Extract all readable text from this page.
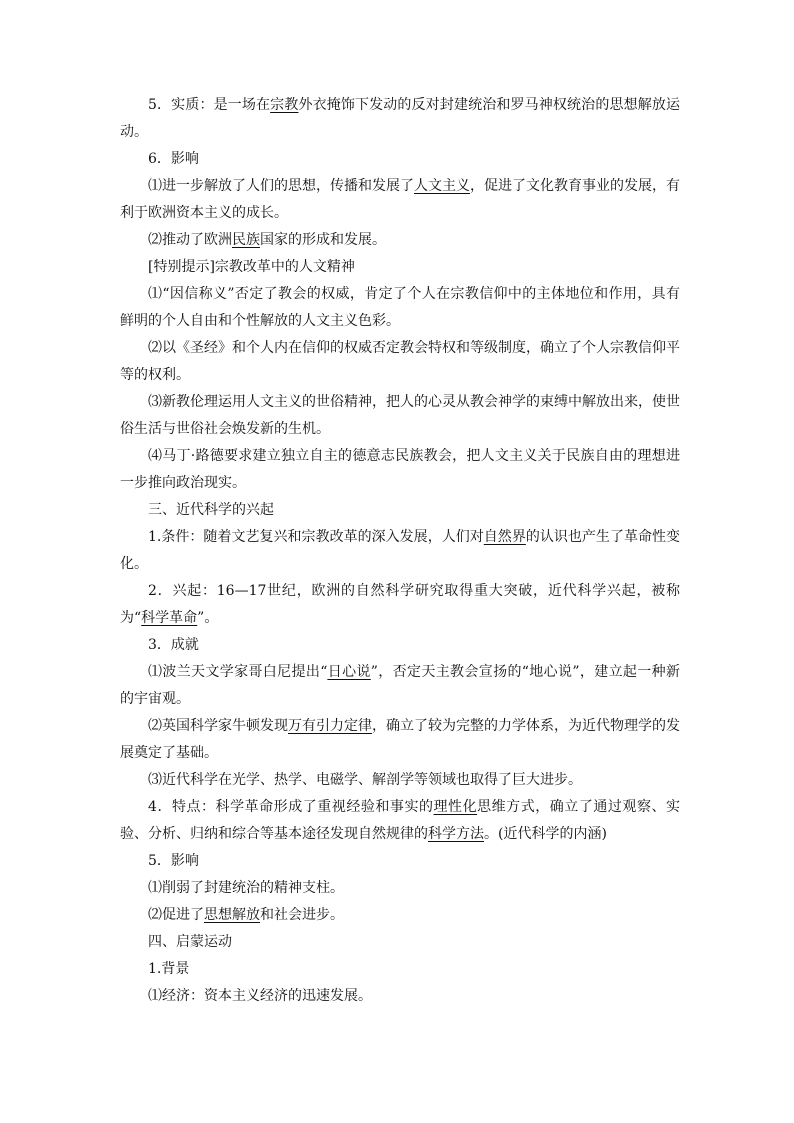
5．实质：是一场在宗教外衣掩饰下发动的反对封建统治和罗马神权统治的思想解放运动。

6．影响

⑴进一步解放了人们的思想，传播和发展了人文主义，促进了文化教育事业的发展，有利于欧洲资本主义的成长。

⑵推动了欧洲民族国家的形成和发展。

[特别提示]宗教改革中的人文精神

⑴“因信称义”否定了教会的权威，肯定了个人在宗教信仰中的主体地位和作用，具有鲜明的个人自由和个性解放的人文主义色彩。

⑵以《圣经》和个人内在信仰的权威否定教会特权和等级制度，确立了个人宗教信仰平等的权利。

⑶新教伦理运用人文主义的世俗精神，把人的心灵从教会神学的束缚中解放出来，使世俗生活与世俗社会焕发新的生机。

⑷马丁·路德要求建立独立自主的德意志民族教会，把人文主义关于民族自由的理想进一步推向政治现实。

三、近代科学的兴起

1.条件：随着文艺复兴和宗教改革的深入发展，人们对自然界的认识也产生了革命性变化。

2．兴起：16—17世纪，欧洲的自然科学研究取得重大突破，近代科学兴起，被称为“科学革命”。

3．成就

⑴波兰天文学家哥白尼提出“日心说”，否定天主教会宣扬的“地心说”，建立起一种新的宇宙观。

⑵英国科学家牛顿发现万有引力定律，确立了较为完整的力学体系，为近代物理学的发展奠定了基础。

⑶近代科学在光学、热学、电磁学、解剖学等领域也取得了巨大进步。

4．特点：科学革命形成了重视经验和事实的理性化思维方式，确立了通过观察、实验、分析、归纳和综合等基本途径发现自然规律的科学方法。(近代科学的内涵)

5．影响

⑴削弱了封建统治的精神支柱。

⑵促进了思想解放和社会进步。

四、启蒙运动

1.背景

⑴经济：资本主义经济的迅速发展。
